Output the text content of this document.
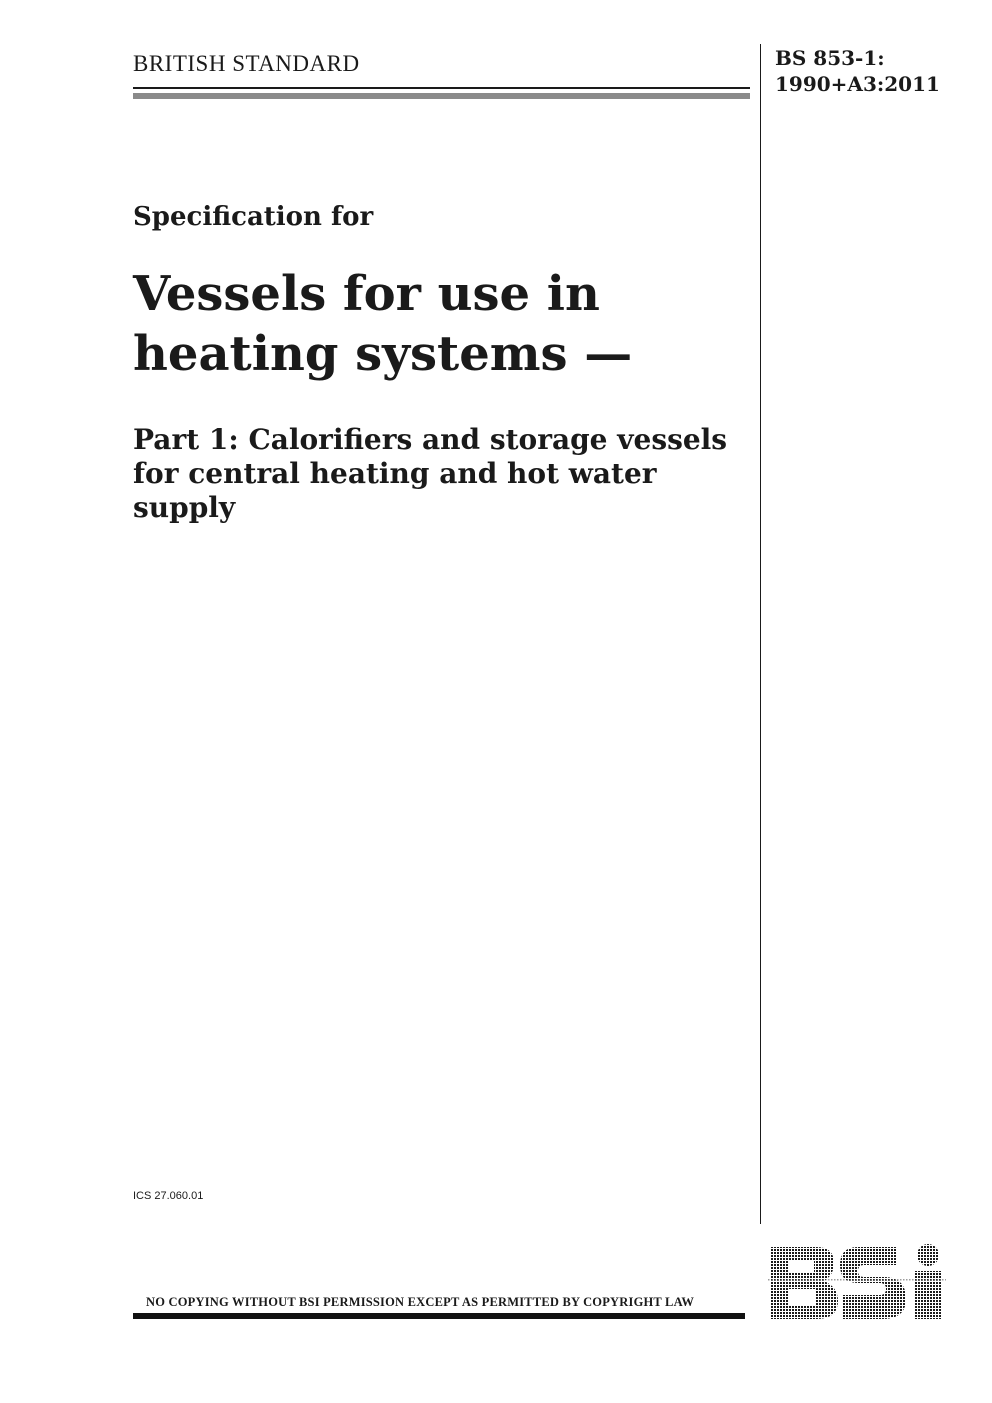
BRITISH STANDARD	BS 853-1:
1990+A3:2011
Specification for
Vessels for use in
heating systems —
Part 1: Calorifiers and storage vessels
for central heating and hot water
supply
ICS 27.060.01
NO COPYING WITHOUT BSI PERMISSION EXCEPT AS PERMITTED BY COPYRIGHT LAW
